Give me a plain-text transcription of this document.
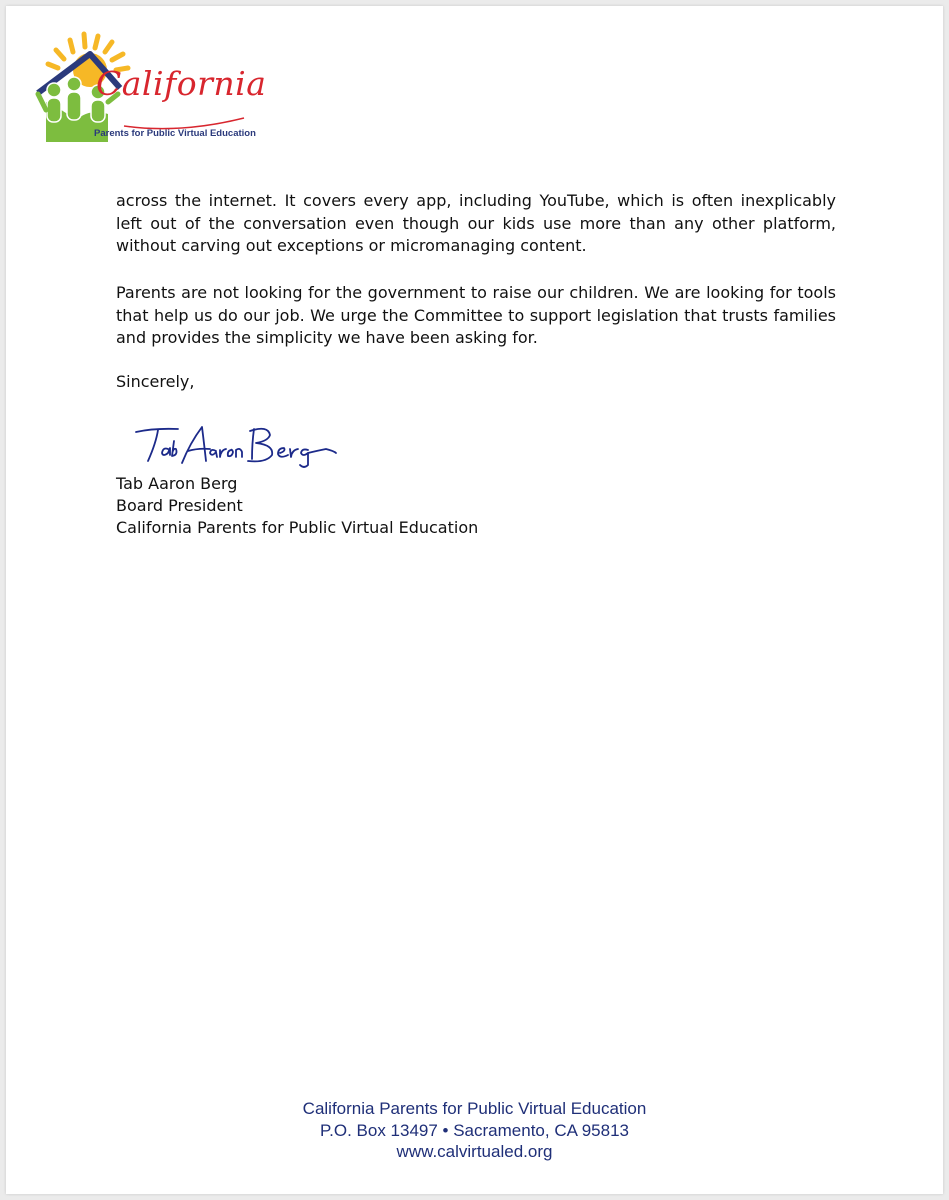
California
Parents for Public Virtual Education

across the internet. It covers every app, including YouTube, which is often inexplicably left out of the conversation even though our kids use more than any other platform, without carving out exceptions or micromanaging content.

Parents are not looking for the government to raise our children. We are looking for tools that help us do our job. We urge the Committee to support legislation that trusts families and provides the simplicity we have been asking for.

Sincerely,

Tab Aaron Berg
Board President
California Parents for Public Virtual Education
California Parents for Public Virtual Education
P.O. Box 13497 • Sacramento, CA 95813
www.calvirtualed.org
